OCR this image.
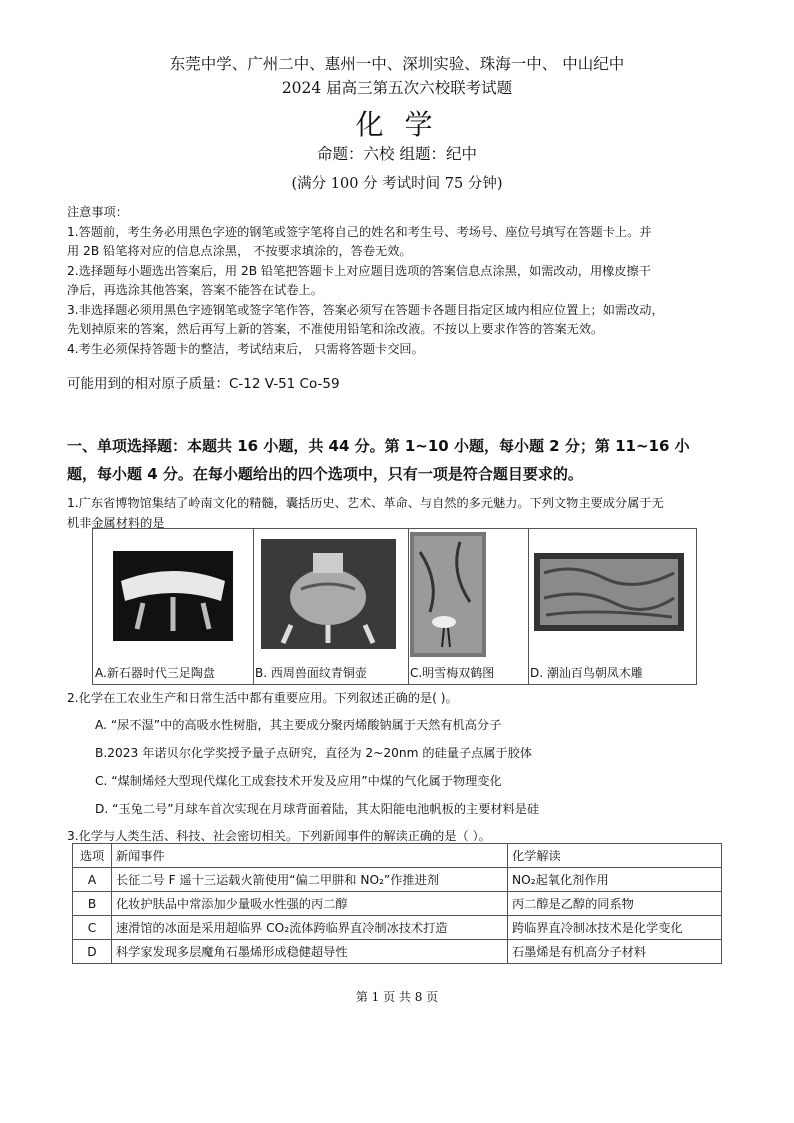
东莞中学、广州二中、惠州一中、深圳实验、珠海一中、 中山纪中
2024 届高三第五次六校联考试题
化 学
命题：六校 组题：纪中
(满分 100 分 考试时间 75 分钟)
注意事项：
1.答题前，考生务必用黑色字迹的钢笔或签字笔将自己的姓名和考生号、考场号、座位号填写在答题卡上。并
用 2B 铅笔将对应的信息点涂黑， 不按要求填涂的，答卷无效。
2.选择题每小题选出答案后，用 2B 铅笔把答题卡上对应题目选项的答案信息点涂黑，如需改动，用橡皮擦干
净后，再选涂其他答案，答案不能答在试卷上。
3.非选择题必须用黑色字迹钢笔或签字笔作答，答案必须写在答题卡各题目指定区域内相应位置上；如需改动，
先划掉原来的答案，然后再写上新的答案，不准使用铅笔和涂改液。不按以上要求作答的答案无效。
4.考生必须保持答题卡的整洁，考试结束后， 只需将答题卡交回。
可能用到的相对原子质量：C-12 V-51 Co-59
一、单项选择题：本题共 16 小题，共 44 分。第 1~10 小题，每小题 2 分；第 11~16 小
题，每小题 4 分。在每小题给出的四个选项中，只有一项是符合题目要求的。
1.广东省博物馆集结了岭南文化的精髓，囊括历史、艺术、革命、与自然的多元魅力。下列文物主要成分属于无
机非金属材料的是
A.新石器时代三足陶盘	B. 西周兽面纹青铜壶	C.明雪梅双鹤图	D. 潮汕百鸟朝凤木雕
2.化学在工农业生产和日常生活中都有重要应用。下列叙述正确的是( )。
A. “尿不湿”中的高吸水性树脂，其主要成分聚丙烯酸钠属于天然有机高分子
B.2023 年诺贝尔化学奖授予量子点研究，直径为 2~20nm 的硅量子点属于胶体
C. “煤制烯烃大型现代煤化工成套技术开发及应用”中煤的气化属于物理变化
D. “玉兔二号”月球车首次实现在月球背面着陆，其太阳能电池帆板的主要材料是硅
3.化学与人类生活、科技、社会密切相关。下列新闻事件的解读正确的是（ ）。
选项	新闻事件	化学解读
A	长征二号 F 遥十三运载火箭使用“偏二甲肼和 NO₂”作推进剂	NO₂起氧化剂作用
B	化妆护肤品中常添加少量吸水性强的丙二醇	丙二醇是乙醇的同系物
C	速滑馆的冰面是采用超临界 CO₂流体跨临界直冷制冰技术打造	跨临界直冷制冰技术是化学变化
D	科学家发现多层魔角石墨烯形成稳健超导性	石墨烯是有机高分子材料
第 1 页 共 8 页
